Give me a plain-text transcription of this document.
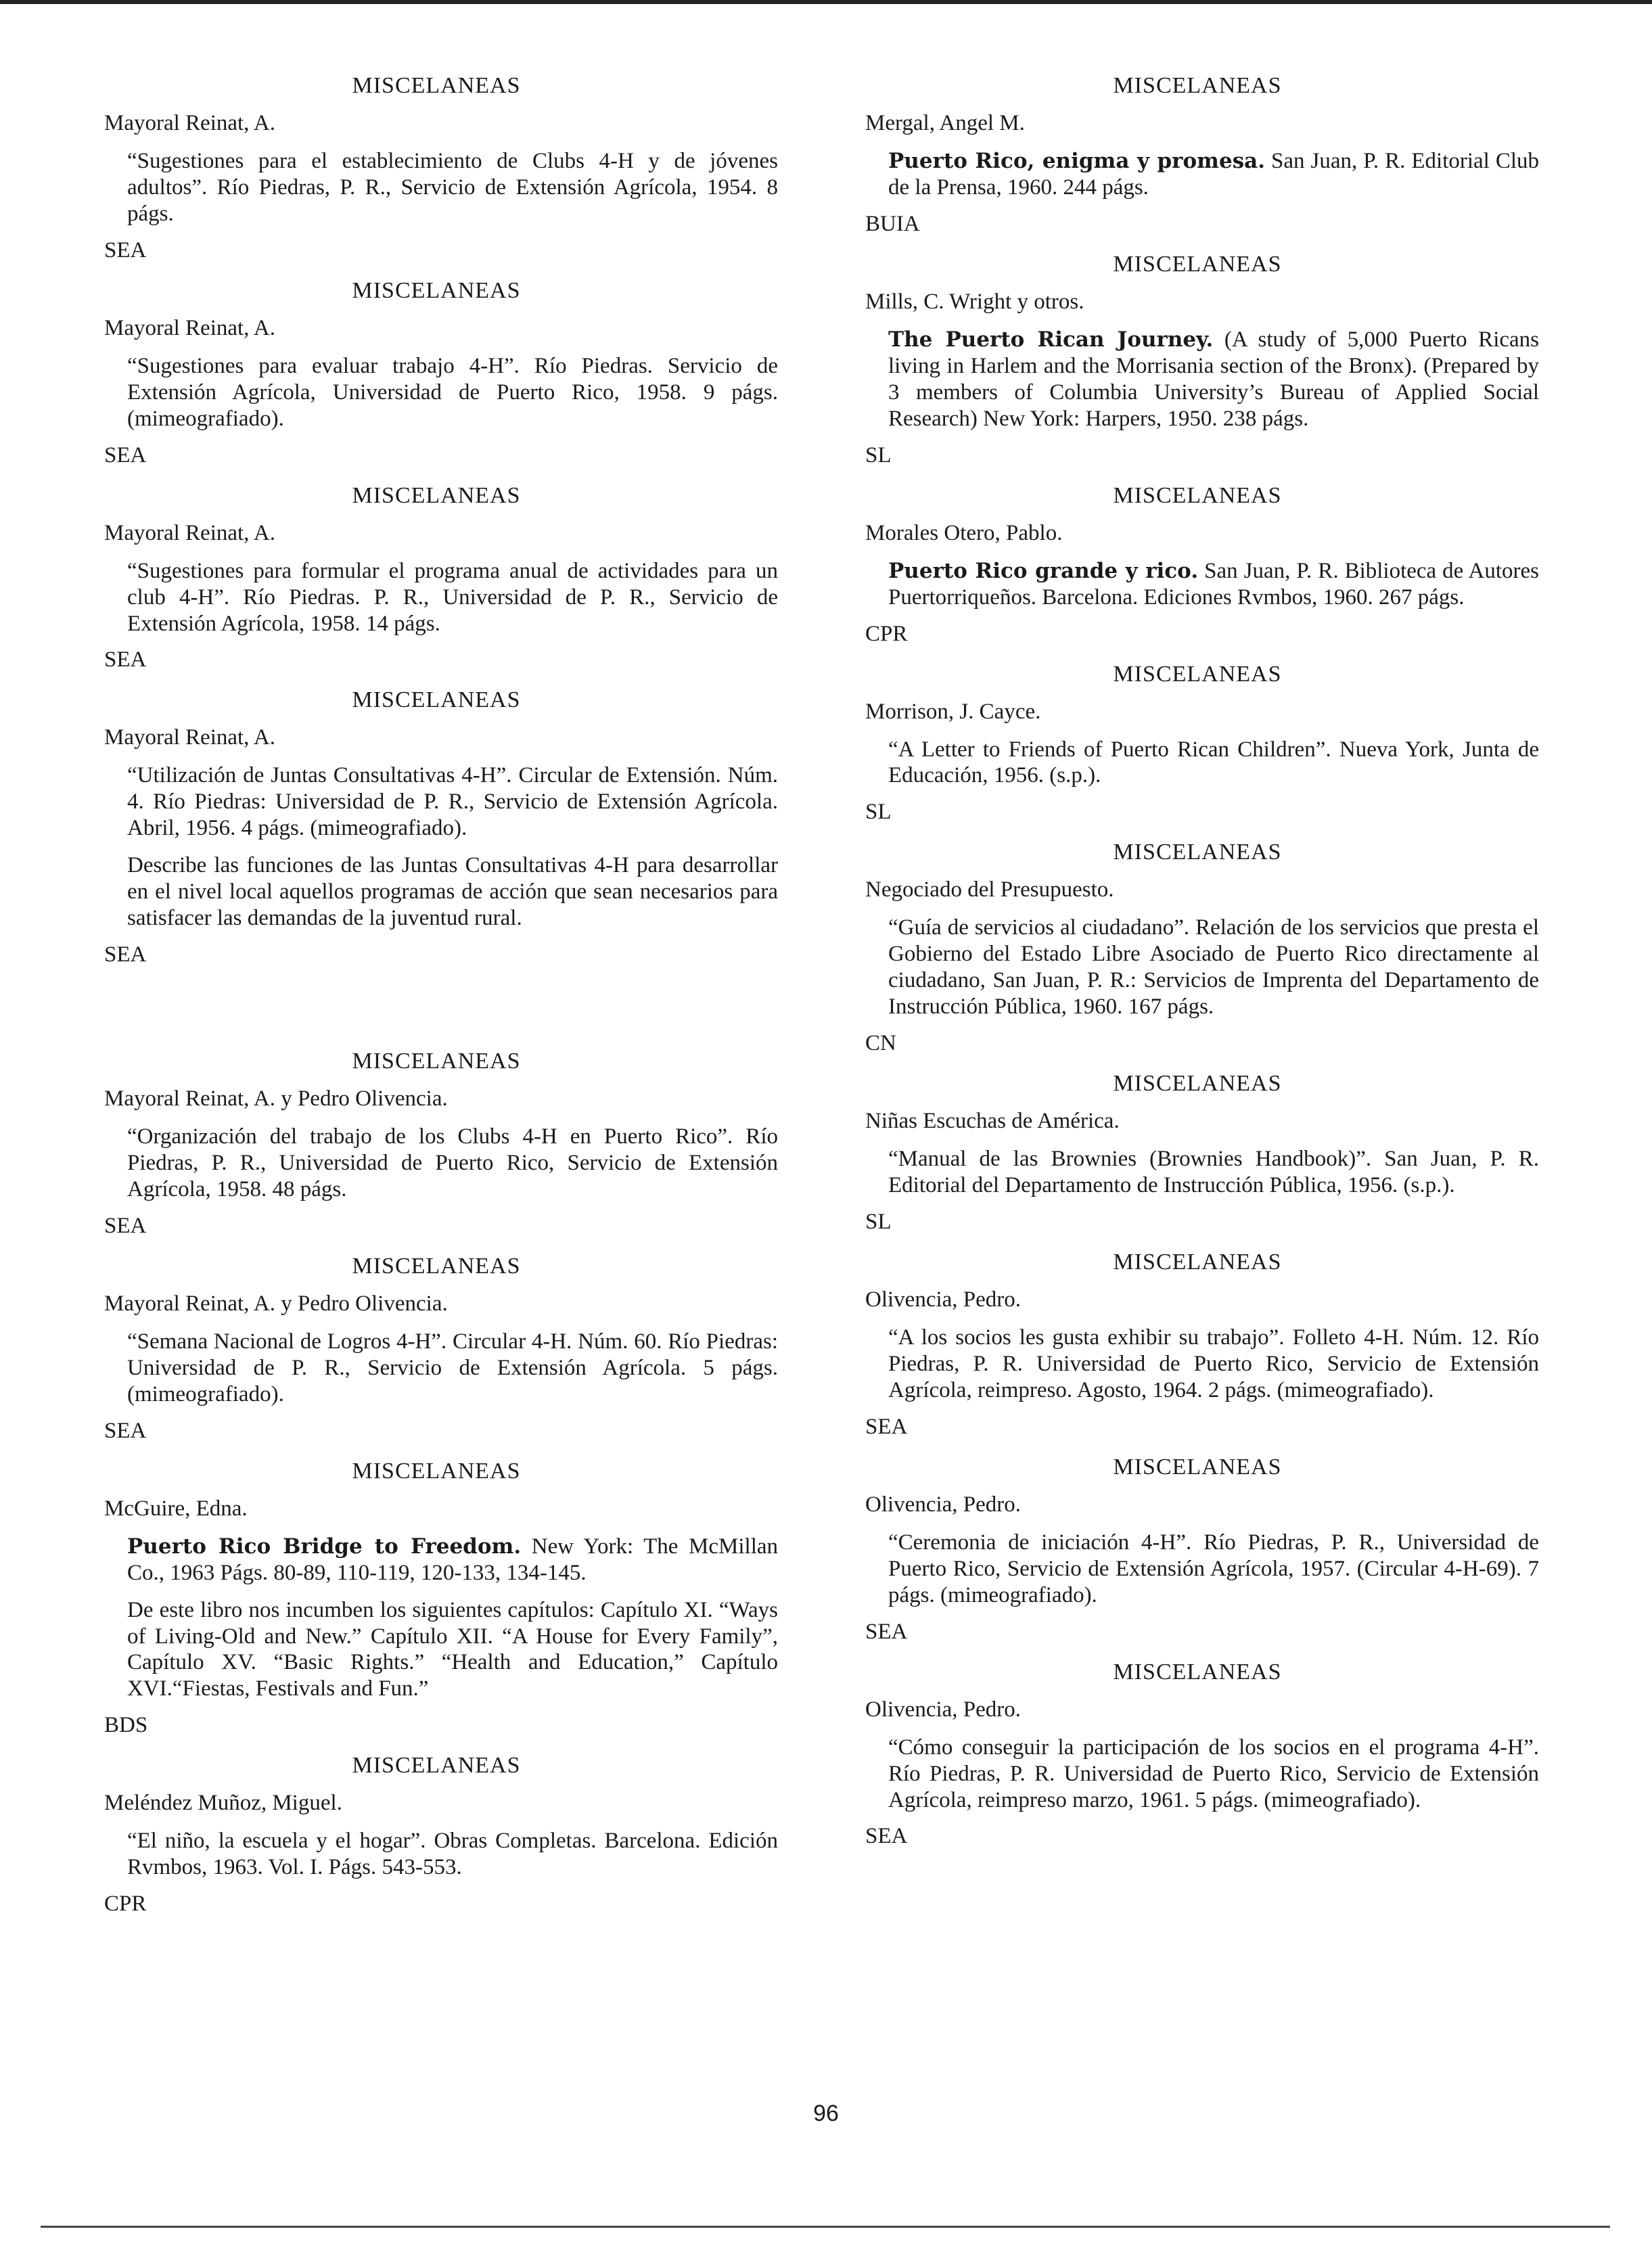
MISCELANEAS
Mayoral Reinat, A.
“Sugestiones para el establecimiento de Clubs 4-H y de jóvenes adultos”. Río Piedras, P. R., Servicio de Extensión Agrícola, 1954. 8 págs.
SEA
MISCELANEAS
Mayoral Reinat, A.
“Sugestiones para evaluar trabajo 4-H”. Río Piedras. Servicio de Extensión Agrícola, Universidad de Puerto Rico, 1958. 9 págs. (mimeografiado).
SEA
MISCELANEAS
Mayoral Reinat, A.
“Sugestiones para formular el programa anual de actividades para un club 4-H”. Río Piedras. P. R., Universidad de P. R., Servicio de Extensión Agrícola, 1958. 14 págs.
SEA
MISCELANEAS
Mayoral Reinat, A.
“Utilización de Juntas Consultativas 4-H”. Circular de Extensión. Núm. 4. Río Piedras: Universidad de P. R., Servicio de Extensión Agrícola. Abril, 1956. 4 págs. (mimeografiado).
Describe las funciones de las Juntas Consultativas 4-H para desarrollar en el nivel local aquellos programas de acción que sean necesarios para satisfacer las demandas de la juventud rural.
SEA
MISCELANEAS
Mayoral Reinat, A. y Pedro Olivencia.
“Organización del trabajo de los Clubs 4-H en Puerto Rico”. Río Piedras, P. R., Universidad de Puerto Rico, Servicio de Extensión Agrícola, 1958. 48 págs.
SEA
MISCELANEAS
Mayoral Reinat, A. y Pedro Olivencia.
“Semana Nacional de Logros 4-H”. Circular 4-H. Núm. 60. Río Piedras: Universidad de P. R., Servicio de Extensión Agrícola. 5 págs. (mimeografiado).
SEA
MISCELANEAS
McGuire, Edna.
Puerto Rico Bridge to Freedom. New York: The McMillan Co., 1963 Págs. 80-89, 110-119, 120-133, 134-145.
De este libro nos incumben los siguientes capítulos: Capítulo XI. “Ways of Living-Old and New.” Capítulo XII. “A House for Every Family”, Capítulo XV. “Basic Rights.” “Health and Education,” Capítulo XVI.“Fiestas, Festivals and Fun.”
BDS
MISCELANEAS
Meléndez Muñoz, Miguel.
“El niño, la escuela y el hogar”. Obras Completas. Barcelona. Edición Rvmbos, 1963. Vol. I. Págs. 543-553.
CPR
MISCELANEAS
Mergal, Angel M.
Puerto Rico, enigma y promesa. San Juan, P. R. Editorial Club de la Prensa, 1960. 244 págs.
BUIA
MISCELANEAS
Mills, C. Wright y otros.
The Puerto Rican Journey. (A study of 5,000 Puerto Ricans living in Harlem and the Morrisania section of the Bronx). (Prepared by 3 members of Columbia University’s Bureau of Applied Social Research) New York: Harpers, 1950. 238 págs.
SL
MISCELANEAS
Morales Otero, Pablo.
Puerto Rico grande y rico. San Juan, P. R. Biblioteca de Autores Puertorriqueños. Barcelona. Ediciones Rvmbos, 1960. 267 págs.
CPR
MISCELANEAS
Morrison, J. Cayce.
“A Letter to Friends of Puerto Rican Children”. Nueva York, Junta de Educación, 1956. (s.p.).
SL
MISCELANEAS
Negociado del Presupuesto.
“Guía de servicios al ciudadano”. Relación de los servicios que presta el Gobierno del Estado Libre Asociado de Puerto Rico directamente al ciudadano, San Juan, P. R.: Servicios de Imprenta del Departamento de Instrucción Pública, 1960. 167 págs.
CN
MISCELANEAS
Niñas Escuchas de América.
“Manual de las Brownies (Brownies Handbook)”. San Juan, P. R. Editorial del Departamento de Instrucción Pública, 1956. (s.p.).
SL
MISCELANEAS
Olivencia, Pedro.
“A los socios les gusta exhibir su trabajo”. Folleto 4-H. Núm. 12. Río Piedras, P. R. Universidad de Puerto Rico, Servicio de Extensión Agrícola, reimpreso. Agosto, 1964. 2 págs. (mimeografiado).
SEA
MISCELANEAS
Olivencia, Pedro.
“Ceremonia de iniciación 4-H”. Río Piedras, P. R., Universidad de Puerto Rico, Servicio de Extensión Agrícola, 1957. (Circular 4-H-69). 7 págs. (mimeografiado).
SEA
MISCELANEAS
Olivencia, Pedro.
“Cómo conseguir la participación de los socios en el programa 4-H”. Río Piedras, P. R. Universidad de Puerto Rico, Servicio de Extensión Agrícola, reimpreso marzo, 1961. 5 págs. (mimeografiado).
SEA
96
